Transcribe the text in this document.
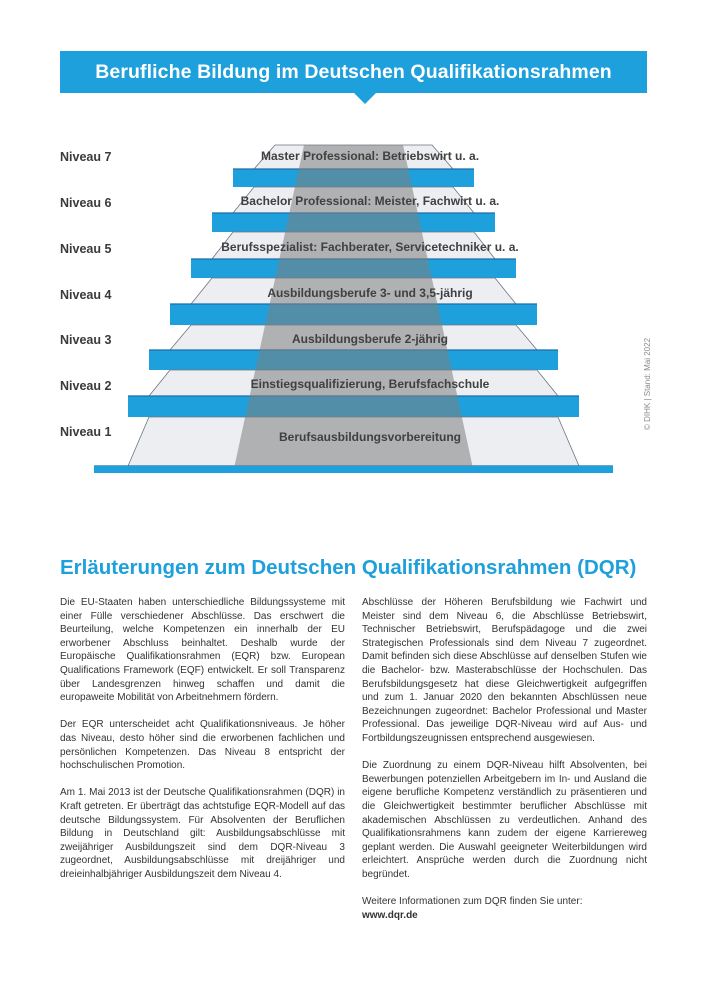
Berufliche Bildung im Deutschen Qualifikationsrahmen
Niveau 7
Niveau 6
Niveau 5
Niveau 4
Niveau 3
Niveau 2
Niveau 1
Master Professional: Betriebswirt u. a.
Bachelor Professional: Meister, Fachwirt u. a.
Berufsspezialist: Fachberater, Servicetechniker u. a.
Ausbildungsberufe 3- und 3,5-jährig
Ausbildungsberufe 2-jährig
Einstiegsqualifizierung, Berufsfachschule
Berufsausbildungsvorbereitung
© DIHK | Stand: Mai 2022
Erläuterungen zum Deutschen Qualifikationsrahmen (DQR)

Die EU-Staaten haben unterschiedliche Bildungssysteme mit einer Fülle verschiedener Abschlüsse. Das erschwert die Beurteilung, welche Kompetenzen ein innerhalb der EU erworbener Abschluss beinhaltet. Deshalb wurde der Europäische Qualifikationsrahmen (EQR) bzw. European Qualifications Framework (EQF) entwickelt. Er soll Transparenz über Landesgrenzen hinweg schaffen und damit die europaweite Mobilität von Arbeitnehmern fördern.

Der EQR unterscheidet acht Qualifikationsniveaus. Je höher das Niveau, desto höher sind die erworbenen fachlichen und persönlichen Kompetenzen. Das Niveau 8 entspricht der hochschulischen Promotion.

Am 1. Mai 2013 ist der Deutsche Qualifikationsrahmen (DQR) in Kraft getreten. Er überträgt das achtstufige EQR-Modell auf das deutsche Bildungssystem. Für Absolventen der Beruflichen Bildung in Deutschland gilt: Ausbildungsabschlüsse mit zweijähriger Ausbildungszeit sind dem DQR-Niveau 3 zugeordnet, Ausbildungsabschlüsse mit dreijähriger und dreieinhalbjähriger Ausbildungszeit dem Niveau 4.

Abschlüsse der Höheren Berufsbildung wie Fachwirt und Meister sind dem Niveau 6, die Abschlüsse Betriebswirt, Technischer Betriebswirt, Berufspädagoge und die zwei Strategischen Professionals sind dem Niveau 7 zugeordnet. Damit befinden sich diese Abschlüsse auf denselben Stufen wie die Bachelor- bzw. Masterabschlüsse der Hochschulen. Das Berufsbildungsgesetz hat diese Gleichwertigkeit aufgegriffen und zum 1. Januar 2020 den bekannten Abschlüssen neue Bezeichnungen zugeordnet: Bachelor Professional und Master Professional. Das jeweilige DQR-Niveau wird auf Aus- und Fortbildungszeugnissen entsprechend ausgewiesen.

Die Zuordnung zu einem DQR-Niveau hilft Absolventen, bei Bewerbungen potenziellen Arbeitgebern im In- und Ausland die eigene berufliche Kompetenz verständlich zu präsentieren und die Gleichwertigkeit bestimmter beruflicher Abschlüsse mit akademischen Abschlüssen zu verdeutlichen. Anhand des Qualifikationsrahmens kann zudem der eigene Karriereweg geplant werden. Die Auswahl geeigneter Weiterbildungen wird erleichtert. Ansprüche werden durch die Zuordnung nicht begründet.

Weitere Informationen zum DQR finden Sie unter:

www.dqr.de
